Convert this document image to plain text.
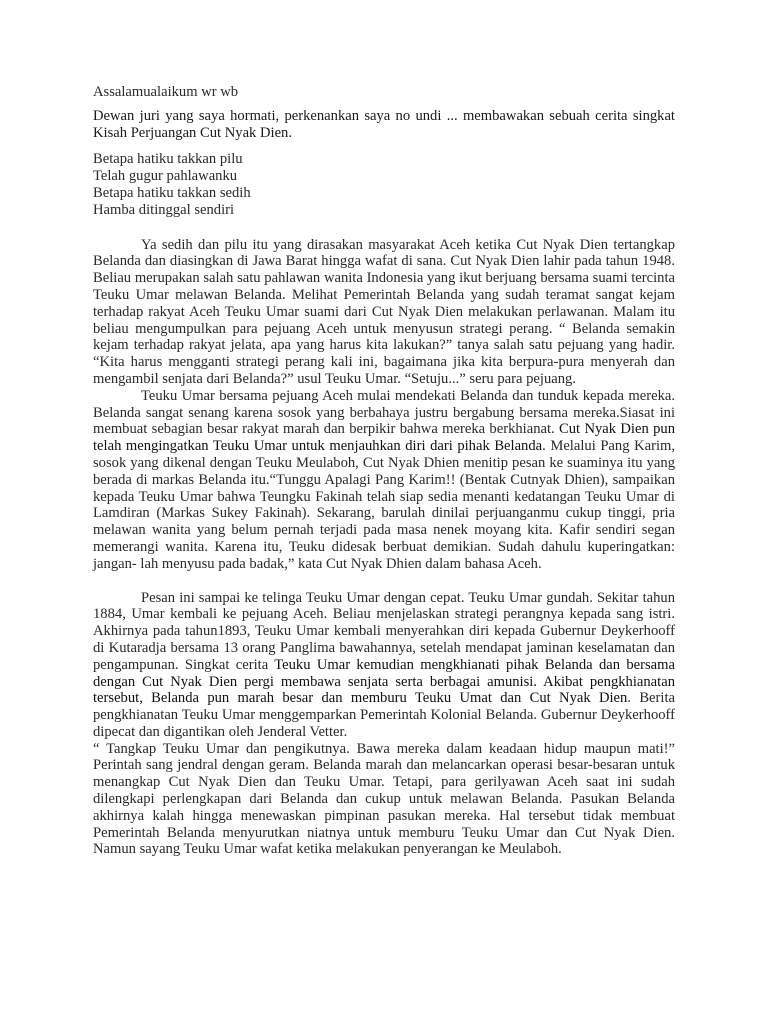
Assalamualaikum wr wb

Dewan juri yang saya hormati, perkenankan saya no undi ... membawakan sebuah cerita singkat Kisah Perjuangan Cut Nyak Dien.

Betapa hatiku takkan pilu
Telah gugur pahlawanku
Betapa hatiku takkan sedih
Hamba ditinggal sendiri

Ya sedih dan pilu itu yang dirasakan masyarakat Aceh ketika Cut Nyak Dien tertangkap Belanda dan diasingkan di Jawa Barat hingga wafat di sana. Cut Nyak Dien lahir pada tahun 1948. Beliau merupakan salah satu pahlawan wanita Indonesia yang ikut berjuang bersama suami tercinta Teuku Umar melawan Belanda. Melihat Pemerintah Belanda yang sudah teramat sangat kejam terhadap rakyat Aceh Teuku Umar suami dari Cut Nyak Dien melakukan perlawanan. Malam itu beliau mengumpulkan para pejuang Aceh untuk menyusun strategi perang. “ Belanda semakin kejam terhadap rakyat jelata, apa yang harus kita lakukan?” tanya salah satu pejuang yang hadir. “Kita harus mengganti strategi perang kali ini, bagaimana jika kita berpura-pura menyerah dan mengambil senjata dari Belanda?” usul Teuku Umar. “Setuju...” seru para pejuang.

Teuku Umar bersama pejuang Aceh mulai mendekati Belanda dan tunduk kepada mereka. Belanda sangat senang karena sosok yang berbahaya justru bergabung bersama mereka.Siasat ini membuat sebagian besar rakyat marah dan berpikir bahwa mereka berkhianat. Cut Nyak Dien pun telah mengingatkan Teuku Umar untuk menjauhkan diri dari pihak Belanda. Melalui Pang Karim, sosok yang dikenal dengan Teuku Meulaboh, Cut Nyak Dhien menitip pesan ke suaminya itu yang berada di markas Belanda itu.“Tunggu Apalagi Pang Karim!! (Bentak Cutnyak Dhien), sampaikan kepada Teuku Umar bahwa Teungku Fakinah telah siap sedia menanti kedatangan Teuku Umar di Lamdiran (Markas Sukey Fakinah). Sekarang, barulah dinilai perjuanganmu cukup tinggi, pria melawan wanita yang belum pernah terjadi pada masa nenek moyang kita. Kafir sendiri segan memerangi wanita. Karena itu, Teuku didesak berbuat demikian. Sudah dahulu kuperingatkan: jangan- lah menyusu pada badak,” kata Cut Nyak Dhien dalam bahasa Aceh.

Pesan ini sampai ke telinga Teuku Umar dengan cepat. Teuku Umar gundah. Sekitar tahun 1884, Umar kembali ke pejuang Aceh. Beliau menjelaskan strategi perangnya kepada sang istri. Akhirnya pada tahun1893, Teuku Umar kembali menyerahkan diri kepada Gubernur Deykerhooff di Kutaradja bersama 13 orang Panglima bawahannya, setelah mendapat jaminan keselamatan dan pengampunan. Singkat cerita Teuku Umar kemudian mengkhianati pihak Belanda dan bersama dengan Cut Nyak Dien pergi membawa senjata serta berbagai amunisi. Akibat pengkhianatan tersebut, Belanda pun marah besar dan memburu Teuku Umat dan Cut Nyak Dien. Berita pengkhianatan Teuku Umar menggemparkan Pemerintah Kolonial Belanda. Gubernur Deykerhooff dipecat dan digantikan oleh Jenderal Vetter.

“ Tangkap Teuku Umar dan pengikutnya. Bawa mereka dalam keadaan hidup maupun mati!” Perintah sang jendral dengan geram. Belanda marah dan melancarkan operasi besar-besaran untuk menangkap Cut Nyak Dien dan Teuku Umar. Tetapi, para gerilyawan Aceh saat ini sudah dilengkapi perlengkapan dari Belanda dan cukup untuk melawan Belanda. Pasukan Belanda akhirnya kalah hingga menewaskan pimpinan pasukan mereka. Hal tersebut tidak membuat Pemerintah Belanda menyurutkan niatnya untuk memburu Teuku Umar dan Cut Nyak Dien. Namun sayang Teuku Umar wafat ketika melakukan penyerangan ke Meulaboh.
